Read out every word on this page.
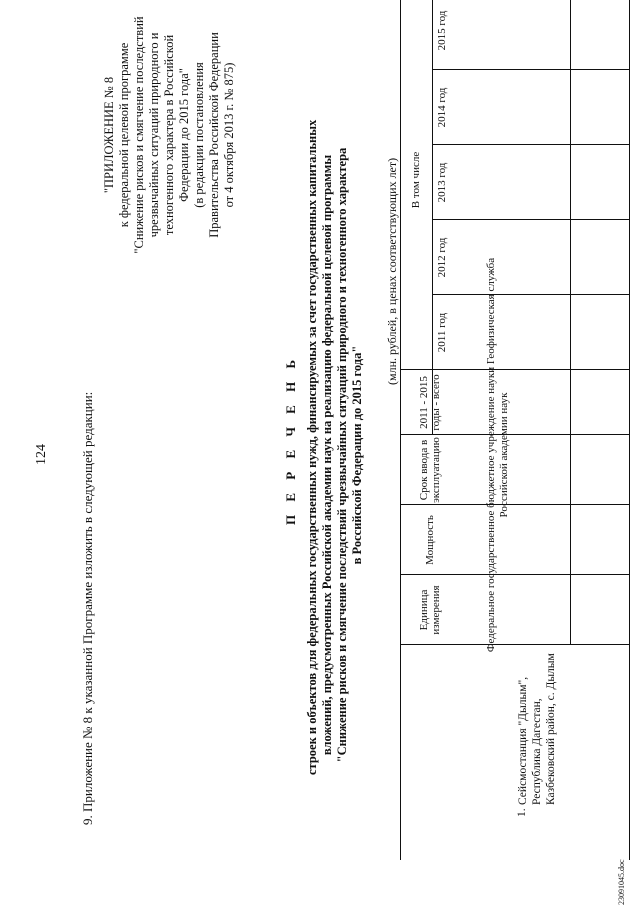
124 9. Приложение № 8 к указанной Программе изложить в следующей редакции:
"ПРИЛОЖЕНИЕ № 8 к федеральной целевой программе "Снижение рисков и смягчение последствий чрезвычайных ситуаций природного и техногенного характера в Российской Федерации до 2015 года" (в редакции постановления Правительства Российской Федерации от 4 октября 2013 г. № 875)
П Е Р Е Ч Е Н Ь строек и объектов для федеральных государственных нужд, финансируемых за счет государственных капитальных вложений, предусмотренных Российской академии наук на реализацию федеральной целевой программы "Снижение рисков и смягчение последствий чрезвычайных ситуаций природного и техногенного характера в Российской Федерации до 2015 года"
(млн. рублей, в ценах соответствующих лет)
Единица измерения
Мощность
Срок ввода в эксплуатацию
2011 - 2015 годы - всего
В том числе
2011 год
2012 год
2013 год
2014 год
2015 год
Федеральное государственное бюджетное учреждение науки Геофизическая служба Российской академии наук
1.
Сейсмостанция "Дылым", Республика Дагестан, Казбековский район, с. Дылым
23091045.doc
